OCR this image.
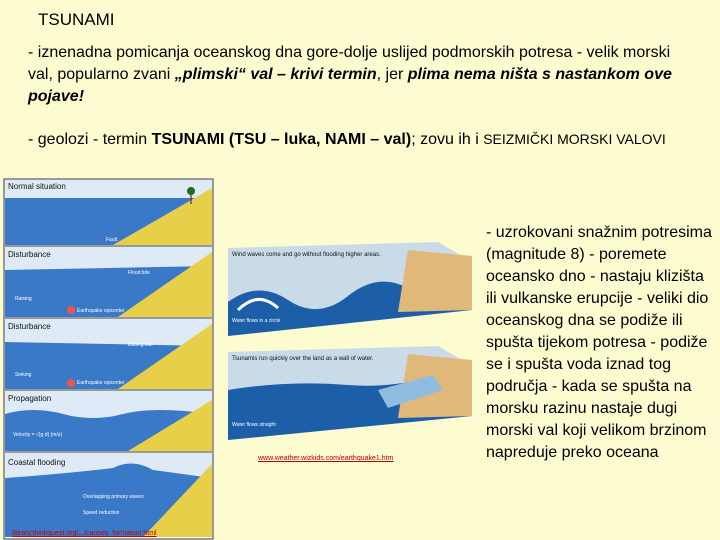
TSUNAMI
- iznenadna pomicanja oceanskog dna gore-dolje uslijed podmorskih potresa - velik morski val, popularno zvani „plimski“ val – krivi termin, jer plima nema ništa s nastankom ove pojave!
- geolozi - termin TSUNAMI (TSU – luka, NAMI – val); zovu ih i SEIZMIČKI MORSKI VALOVI
- uzrokovani snažnim potresima (magnitude 8) - poremete oceansko dno - nastaju klizišta ili vulkanske erupcije - veliki dio oceanskog dna se podiže ili spušta tijekom potresa - podiže se i spušta voda iznad tog područja - kada se spušta na morsku razinu nastaje dugi morski val koji velikom brzinom napreduje preko oceana
Normal situation
Fault
Disturbance
Flood tide
Raising
Earthquake epicenter
Disturbance
Ebbing tide
Sinking
Earthquake epicenter
Propagation
Velocity = √(g·d) (m/s)
Coastal flooding
Overlapping primary waves
Speed reduction
Wind waves come and go without flooding higher areas.
Water flows in a circle
Tsunamis run quickly over the land as a wall of water.
Water flows straight
www.weather.wizkids.com/earthquake1.htm
library.thinkquest.org/.../causes_formation.html
